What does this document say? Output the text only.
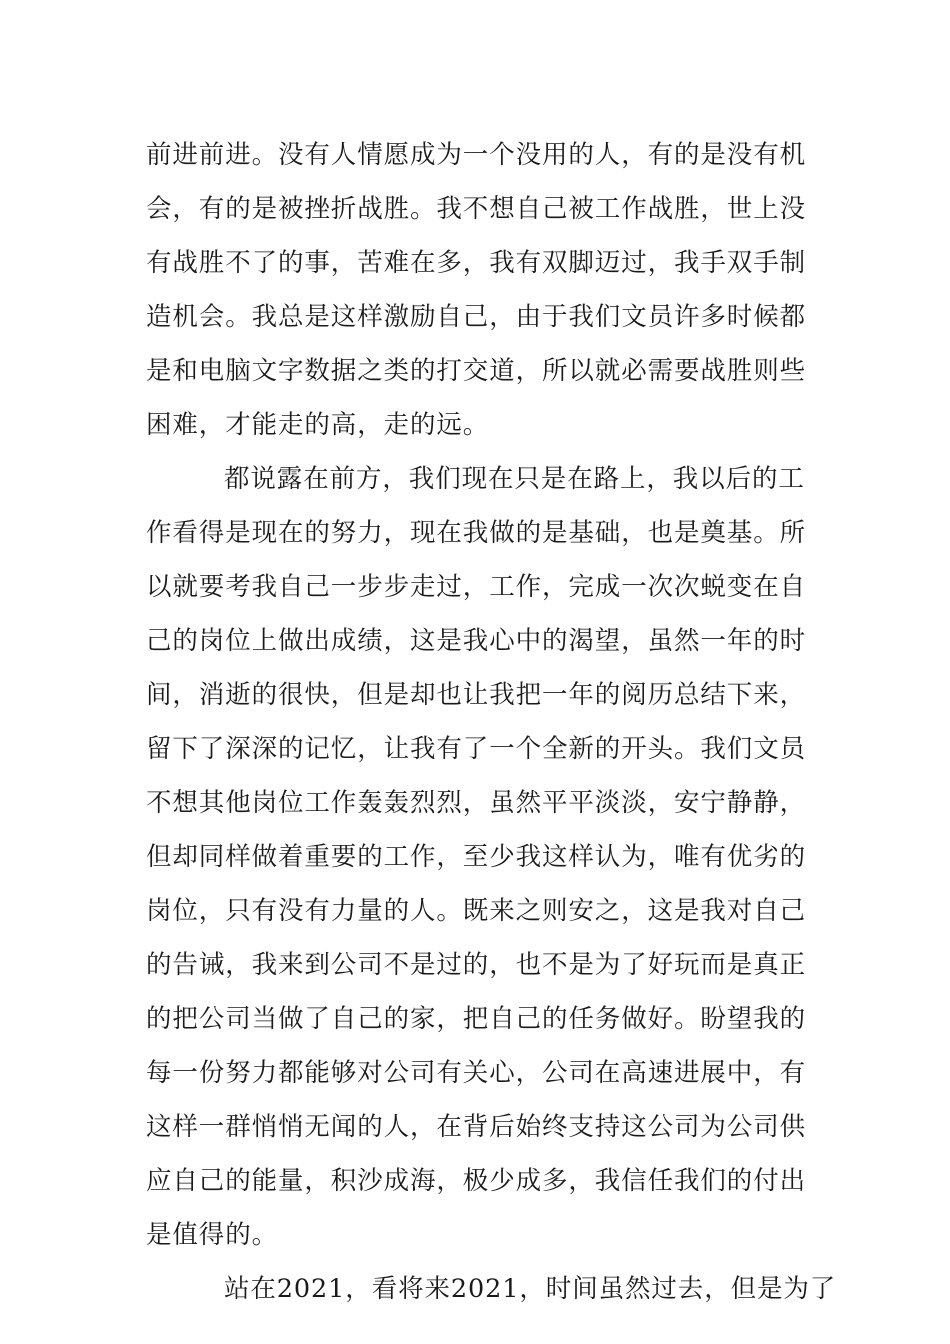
前进前进。没有人情愿成为一个没用的人，有的是没有机
会，有的是被挫折战胜。我不想自己被工作战胜，世上没
有战胜不了的事，苦难在多，我有双脚迈过，我手双手制
造机会。我总是这样激励自己，由于我们文员许多时候都
是和电脑文字数据之类的打交道，所以就必需要战胜则些
困难，才能走的高，走的远。
都说露在前方，我们现在只是在路上，我以后的工
作看得是现在的努力，现在我做的是基础，也是奠基。所
以就要考我自己一步步走过，工作，完成一次次蜕变在自
己的岗位上做出成绩，这是我心中的渴望，虽然一年的时
间，消逝的很快，但是却也让我把一年的阅历总结下来，
留下了深深的记忆，让我有了一个全新的开头。我们文员
不想其他岗位工作轰轰烈烈，虽然平平淡淡，安宁静静，
但却同样做着重要的工作，至少我这样认为，唯有优劣的
岗位，只有没有力量的人。既来之则安之，这是我对自己
的告诫，我来到公司不是过的，也不是为了好玩而是真正
的把公司当做了自己的家，把自己的任务做好。盼望我的
每一份努力都能够对公司有关心，公司在高速进展中，有
这样一群悄悄无闻的人，在背后始终支持这公司为公司供
应自己的能量，积沙成海，极少成多，我信任我们的付出
是值得的。
站在2021，看将来2021，时间虽然过去，但是为了
